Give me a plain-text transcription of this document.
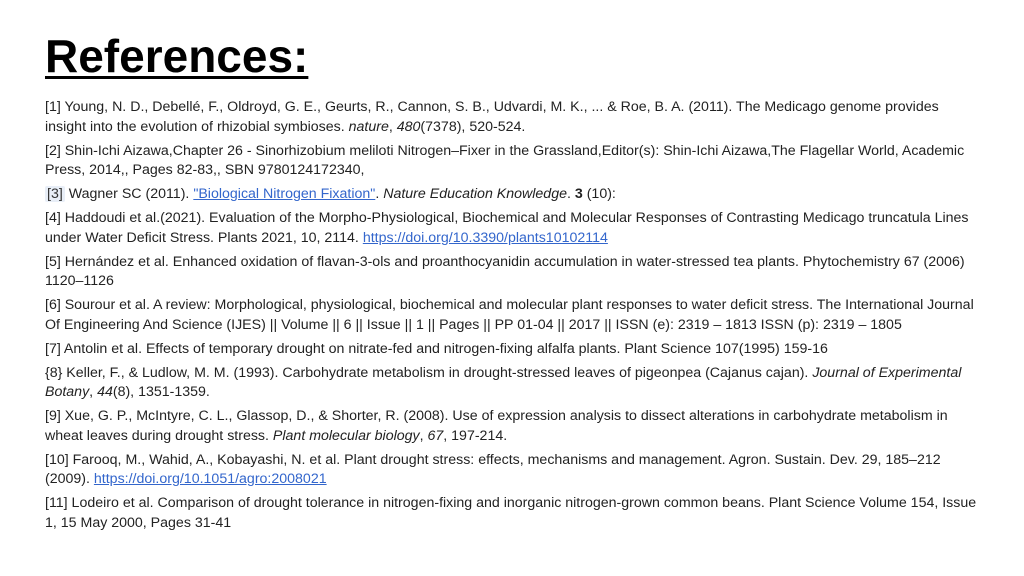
References:

[1] Young, N. D., Debellé, F., Oldroyd, G. E., Geurts, R., Cannon, S. B., Udvardi, M. K., ... & Roe, B. A. (2011). The Medicago genome provides insight into the evolution of rhizobial symbioses. nature, 480(7378), 520-524.

[2] Shin-Ichi Aizawa,Chapter 26 - Sinorhizobium meliloti Nitrogen–Fixer in the Grassland,Editor(s): Shin-Ichi Aizawa,The Flagellar World, Academic Press, 2014,, Pages 82-83,, SBN 9780124172340,

[3] Wagner SC (2011). "Biological Nitrogen Fixation". Nature Education Knowledge. 3 (10):

[4] Haddoudi et al.(2021). Evaluation of the Morpho-Physiological, Biochemical and Molecular Responses of Contrasting Medicago truncatula Lines under Water Deficit Stress. Plants 2021, 10, 2114. https://doi.org/10.3390/plants10102114

[5] Hernández et al. Enhanced oxidation of flavan-3-ols and proanthocyanidin accumulation in water-stressed tea plants. Phytochemistry 67 (2006) 1120–1126

[6] Sourour et al. A review: Morphological, physiological, biochemical and molecular plant responses to water deficit stress. The International Journal Of Engineering And Science (IJES) || Volume || 6 || Issue || 1 || Pages || PP 01-04 || 2017 || ISSN (e): 2319 – 1813 ISSN (p): 2319 – 1805

[7] Antolin et al. Effects of temporary drought on nitrate-fed and nitrogen-fixing alfalfa plants. Plant Science 107(1995) 159-16

{8} Keller, F., & Ludlow, M. M. (1993). Carbohydrate metabolism in drought-stressed leaves of pigeonpea (Cajanus cajan). Journal of Experimental Botany, 44(8), 1351-1359.

[9] Xue, G. P., McIntyre, C. L., Glassop, D., & Shorter, R. (2008). Use of expression analysis to dissect alterations in carbohydrate metabolism in wheat leaves during drought stress. Plant molecular biology, 67, 197-214.

[10] Farooq, M., Wahid, A., Kobayashi, N. et al. Plant drought stress: effects, mechanisms and management. Agron. Sustain. Dev. 29, 185–212 (2009). https://doi.org/10.1051/agro:2008021

[11] Lodeiro et al. Comparison of drought tolerance in nitrogen-fixing and inorganic nitrogen-grown common beans. Plant Science Volume 154, Issue 1, 15 May 2000, Pages 31-41
